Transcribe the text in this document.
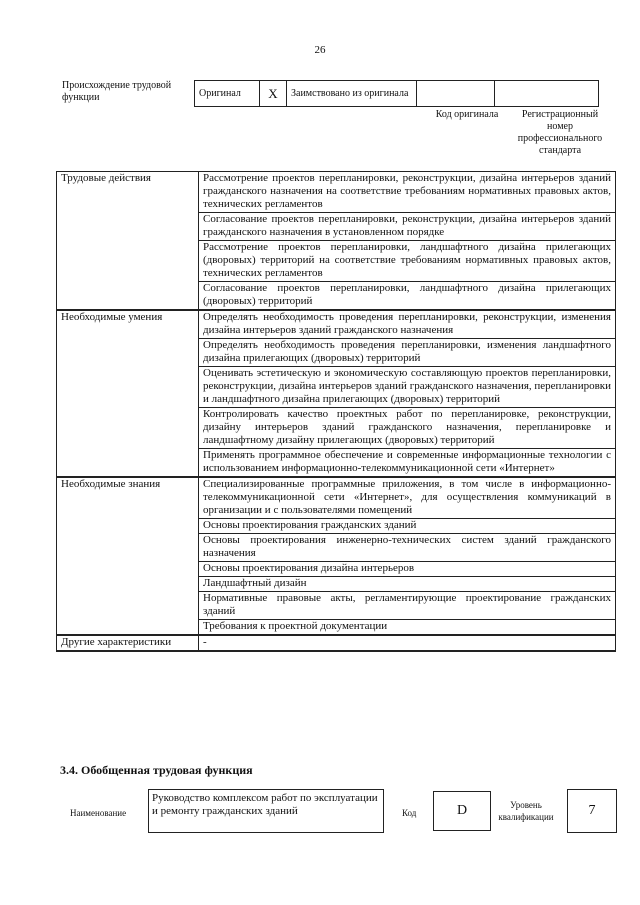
26
Происхождение трудовой функции	Оригинал	X	Заимствовано из оригинала		
Код оригинала	Регистрационный номер профессионального стандарта
Трудовые действия	Рассмотрение проектов перепланировки, реконструкции, дизайна интерьеров зданий гражданского назначения на соответствие требованиям нормативных правовых актов, технических регламентов
	Согласование проектов перепланировки, реконструкции, дизайна интерьеров зданий гражданского назначения в установленном порядке
	Рассмотрение проектов перепланировки, ландшафтного дизайна прилегающих (дворовых) территорий на соответствие требованиям нормативных правовых актов, технических регламентов
	Согласование проектов перепланировки, ландшафтного дизайна прилегающих (дворовых) территорий
Необходимые умения	Определять необходимость проведения перепланировки, реконструкции, изменения дизайна интерьеров зданий гражданского назначения
	Определять необходимость проведения перепланировки, изменения ландшафтного дизайна прилегающих (дворовых) территорий
	Оценивать эстетическую и экономическую составляющую проектов перепланировки, реконструкции, дизайна интерьеров зданий гражданского назначения, перепланировки и ландшафтного дизайна прилегающих (дворовых) территорий
	Контролировать качество проектных работ по перепланировке, реконструкции, дизайну интерьеров зданий гражданского назначения, перепланировке и ландшафтному дизайну прилегающих (дворовых) территорий
	Применять программное обеспечение и современные информационные технологии с использованием информационно-телекоммуникационной сети «Интернет»
Необходимые знания	Специализированные программные приложения, в том числе в информационно-телекоммуникационной сети «Интернет», для осуществления коммуникаций в организации и с пользователями помещений
	Основы проектирования гражданских зданий
	Основы проектирования инженерно-технических систем зданий гражданского назначения
	Основы проектирования дизайна интерьеров
	Ландшафтный дизайн
	Нормативные правовые акты, регламентирующие проектирование гражданских зданий
	Требования к проектной документации
Другие характеристики	-
3.4. Обобщенная трудовая функция
Наименование
Руководство комплексом работ по эксплуатации и ремонту гражданских зданий	Код	D	Уровень квалификации	7
